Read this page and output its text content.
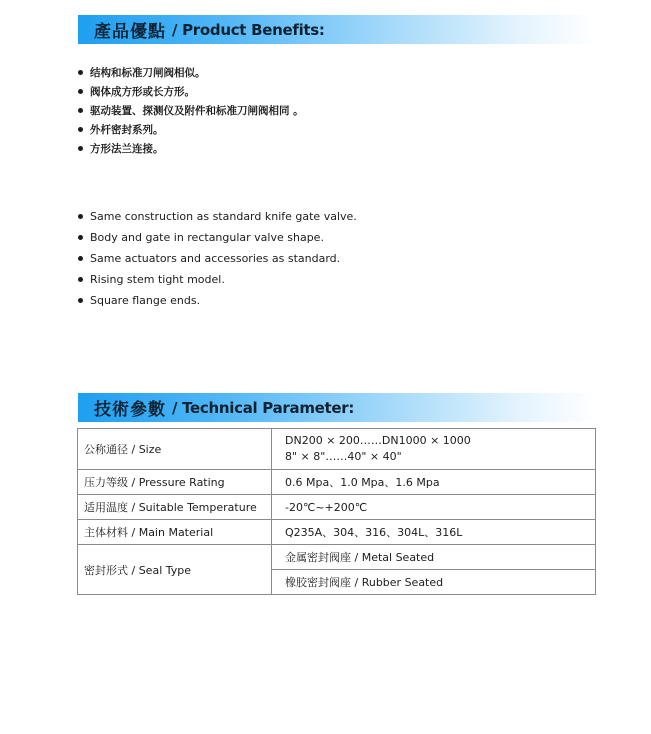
產品優點 / Product Benefits:
结构和标准刀闸阀相似。
阀体成方形或长方形。
驱动装置、探测仪及附件和标准刀闸阀相同 。
外杆密封系列。
方形法兰连接。
Same construction as standard knife gate valve.
Body and gate in rectangular valve shape.
Same actuators and accessories as standard.
Rising stem tight model.
Square flange ends.
技術參數 / Technical Parameter:
公称通径 / Size	DN200 × 200……DN1000 × 1000
8" × 8"……40" × 40"

压力等级 / Pressure Rating	0.6 Mpa、1.0 Mpa、1.6 Mpa
适用温度 / Suitable Temperature	-20℃~+200℃
主体材料 / Main Material	Q235A、304、316、304L、316L
密封形式 / Seal Type	金属密封阀座 / Metal Seated
	橡胶密封阀座 / Rubber Seated
